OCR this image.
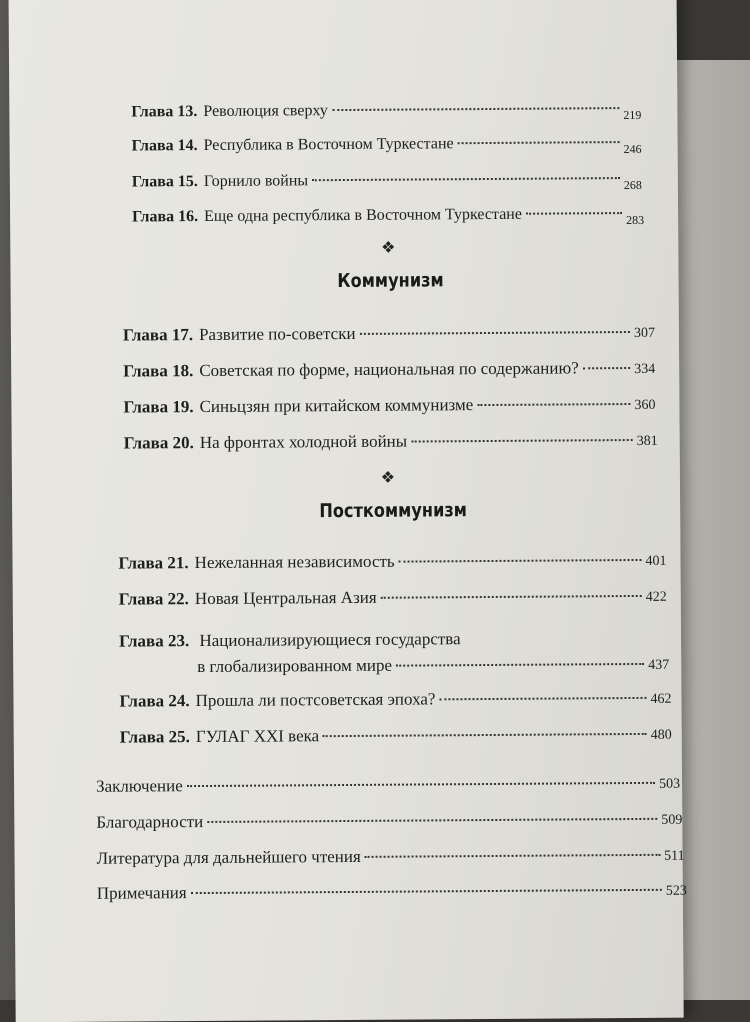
Глава 13. Революция сверху	219
Глава 14. Республика в Восточном Туркестане	246
Глава 15. Горнило войны	268
Глава 16. Еще одна республика в Восточном Туркестане	283
❖
Коммунизм
Глава 17. Развитие по-советски	307
Глава 18. Советская по форме, национальная по содержанию?	334
Глава 19. Синьцзян при китайском коммунизме	360
Глава 20. На фронтах холодной войны	381
❖
Посткоммунизм
Глава 21. Нежеланная независимость	401
Глава 22. Новая Центральная Азия	422
Глава 23. Национализирующиеся государства
в глобализированном мире	437
Глава 24. Прошла ли постсоветская эпоха?	462
Глава 25. ГУЛАГ XXI века	480
Заключение	503
Благодарности	509
Литература для дальнейшего чтения	511
Примечания	523
